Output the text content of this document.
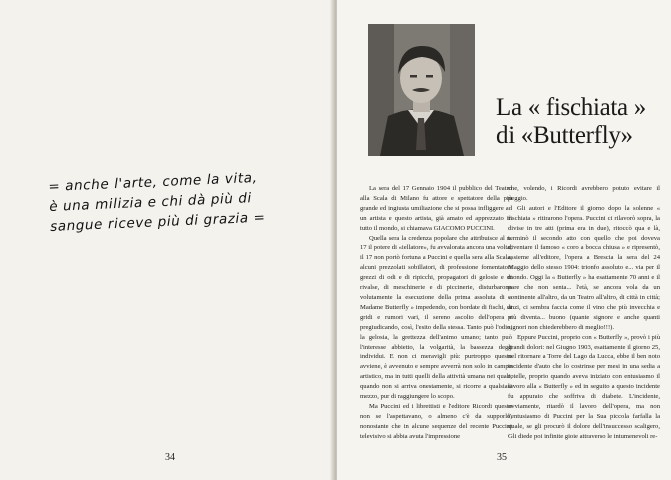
= anche l'arte, come la vita,
è una milizia e chi dà più di
sangue riceve più di grazia =
34
La « fischiata »
di «Butterfly»

La sera del 17 Gennaio 1904 il pubblico del Teatro alla Scala di Milano fu attore e spettatore della più grande ed ingiusta umiliazione che si possa infliggere ad un artista e questo artista, già amato ed apprezzato in tutto il mondo, si chiamava GIACOMO PUCCINI.

Quella sera la credenza popolare che attribuisce al n. 17 il potere di «iellatore», fu avvalorata ancora una volta; il 17 non portò fortuna a Puccini e quella sera alla Scala, alcuni prezzolati sobillatori, di professione fomentatori grezzi di odi e di ripicchi, propagatori di gelosie e di rivalse, di meschinerie e di piccinerie, disturbarono volutamente la esecuzione della prima assoluta di « Madame Butterfly » impedendo, con bordate di fischi, di gridi e rumori vari, il sereno ascolto dell'opera e pregiudicando, così, l'esito della stessa. Tanto può l'odio, la gelosia, la grettezza dell'animo umano; tanto può l'interesse abbietto, la volgarità, la bassezza degli individui. E non ci meravigli più: purtroppo questo avviene, è avvenuto e sempre avverrà non solo in campo artistico, ma in tutti quelli della attività umana nei quali, quando non si arriva onestamente, si ricorre a qualsiasi mezzo, pur di raggiungere lo scopo.

Ma Puccini ed i librettisti e l'editore Ricordi questo non se l'aspettavano, o almeno c'è da supporlo, nonostante che in alcune sequenze del recente Puccini televisivo si abbia avuta l'impressione

che, volendo, i Ricordi avrebbero potuto evitare il peggio.

Gli autori e l'Editore il giorno dopo la solenne « fischiata » ritirarono l'opera. Puccini ci rilavorò sopra, la divise in tre atti (prima era in due), ritoccò qua e là, terminò il secondo atto con quello che poi doveva diventare il famoso « coro a bocca chiusa » e ripresentò, assieme all'editore, l'opera a Brescia la sera del 24 Maggio dello stesso 1904: trionfo assoluto e... via per il mondo. Oggi la « Butterfly » ha esattamente 70 anni e il pare che non senta... l'età, se ancora vola da un continente all'altro, da un Teatro all'altro, di città in città; anzi, ci sembra faccia come il vino che più invecchia e più diventa... buono (quante signore e anche quanti signori non chiederebbero di meglio!!!).

Eppure Puccini, proprio con « Butterfly », provò i più grandi dolori: nel Giugno 1903, esattamente il giorno 25, nel ritornare a Torre del Lago da Lucca, ebbe il ben noto incidente d'auto che lo costrinse per mesi in una sedia a rotelle, proprio quando aveva iniziato con entusiasmo il lavoro alla « Butterfly » ed in seguito a questo incidente fu appurato che soffriva di diabete. L'incidente, ovviamente, ritardò il lavoro dell'opera, ma non l'entusiasmo di Puccini per la Sua piccola farfalla la quale, se gli procurò il dolore dell'insuccesso scaligero, Gli diede poi infinite gioie attraverso le intumenevoli re-

35
